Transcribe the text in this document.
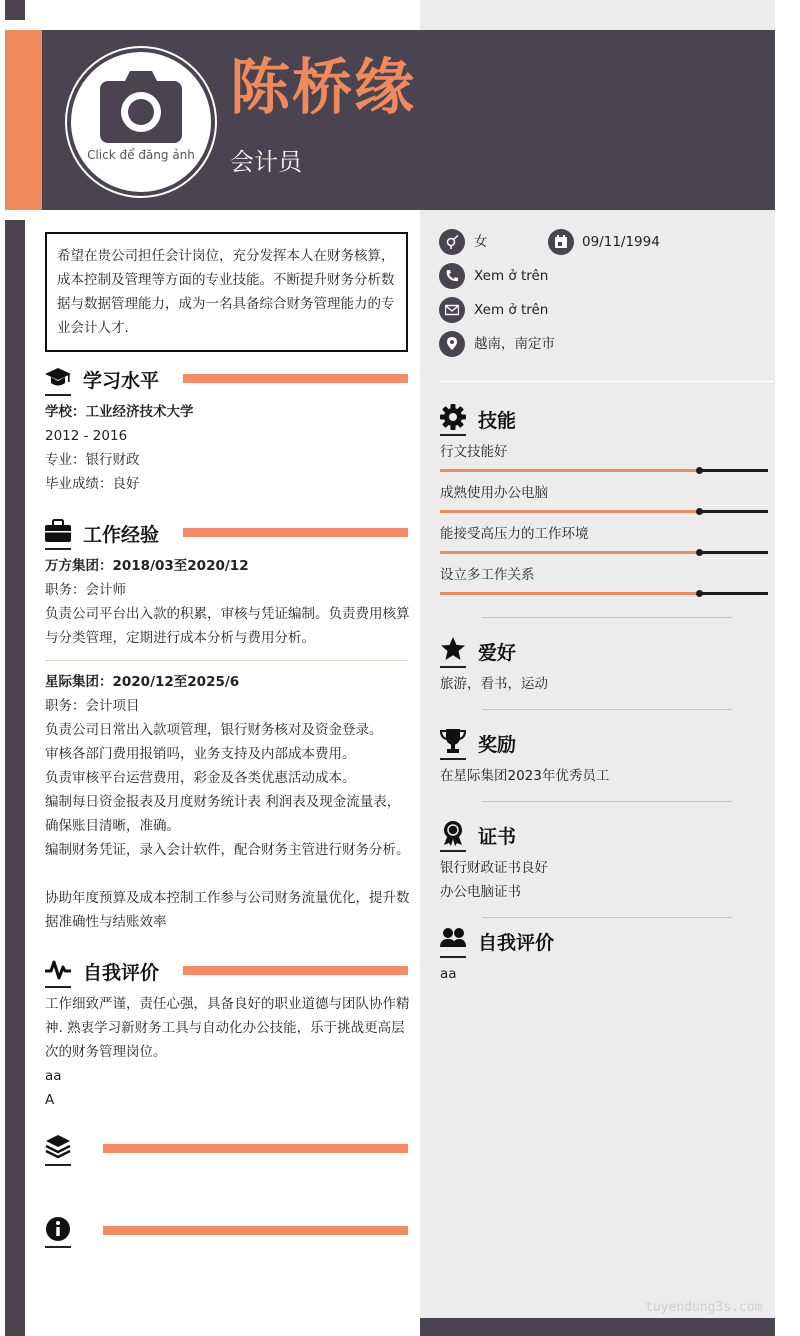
Click để đăng ảnh
陈桥缘
会计员
希望在贵公司担任会计岗位，充分发挥本人在财务核算，成本控制及管理等方面的专业技能。不断提升财务分析数据与数据管理能力，成为一名具备综合财务管理能力的专业会计人才.
学习水平
学校：工业经济技术大学
2012 - 2016
专业：银行财政
毕业成绩：良好
工作经验
万方集团：2018/03至2020/12
职务：会计师
负责公司平台出入款的积累，审核与凭证编制。负责费用核算与分类管理，定期进行成本分析与费用分析。
星际集团：2020/12至2025/6
职务：会计项目
负责公司日常出入款项管理，银行财务核对及资金登录。
审核各部门费用报销吗，业务支持及内部成本费用。
负责审核平台运营费用，彩金及各类优惠活动成本。
编制每日资金报表及月度财务统计表 利润表及现金流量表，确保账目清晰，准确。
编制财务凭证，录入会计软件，配合财务主管进行财务分析。
协助年度预算及成本控制工作参与公司财务流量优化，提升数据准确性与结账效率
自我评价
工作细致严谨，责任心强，具备良好的职业道德与团队协作精神. 熟衷学习新财务工具与自动化办公技能，乐于挑战更高层次的财务管理岗位。
aa
A
女	09/11/1994
Xem ở trên
Xem ở trên
越南，南定市
技能
行文技能好
成熟使用办公电脑
能接受高压力的工作环境
设立多工作关系
爱好
旅游，看书，运动
奖励
在星际集团2023年优秀员工
证书
银行财政证书良好
办公电脑证书
自我评价
aa
tuyendung3s.com
